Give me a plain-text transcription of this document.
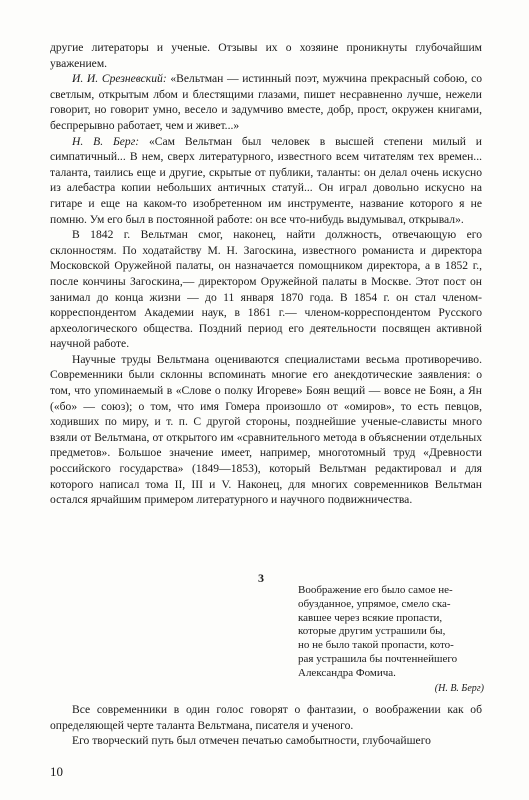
другие литераторы и ученые. Отзывы их о хозяине проникнуты глубочайшим уважением.

И. И. Срезневский: «Вельтман — истинный поэт, мужчина прекрасный собою, со светлым, открытым лбом и блестящими глазами, пишет несравненно лучше, нежели говорит, но говорит умно, весело и задумчиво вместе, добр, прост, окружен книгами, беспрерывно работает, чем и живет...»

Н. В. Берг: «Сам Вельтман был человек в высшей степени милый и симпатичный... В нем, сверх литературного, известного всем читателям тех времен... таланта, таились еще и другие, скрытые от публики, таланты: он делал очень искусно из алебастра копии небольших античных статуй... Он играл довольно искусно на гитаре и еще на каком-то изобретенном им инструменте, название которого я не помню. Ум его был в постоянной работе: он все что-нибудь выдумывал, открывал».

В 1842 г. Вельтман смог, наконец, найти должность, отвечающую его склонностям. По ходатайству М. Н. Загоскина, известного романиста и директора Московской Оружейной палаты, он назначается помощником директора, а в 1852 г., после кончины Загоскина,— директором Оружейной палаты в Москве. Этот пост он занимал до конца жизни — до 11 января 1870 года. В 1854 г. он стал членом-корреспондентом Академии наук, в 1861 г.— членом-корреспондентом Русского археологического общества. Поздний период его деятельности посвящен активной научной работе.

Научные труды Вельтмана оцениваются специалистами весьма противоречиво. Современники были склонны вспоминать многие его анекдотические заявления: о том, что упоминаемый в «Слове о полку Игореве» Боян вещий — вовсе не Боян, а Ян («бо» — союз); о том, что имя Гомера произошло от «омиров», то есть певцов, ходивших по миру, и т. п. С другой стороны, позднейшие ученые-слависты много взяли от Вельтмана, от открытого им «сравнительного метода в объяснении отдельных предметов». Большое значение имеет, например, многотомный труд «Древности российского государства» (1849—1853), который Вельтман редактировал и для которого написал тома II, III и V. Наконец, для многих современников Вельтман остался ярчайшим примером литературного и научного подвижничества.

3
Воображение его было самое не-
обузданное, упрямое, смело ска-
кавшее через всякие пропасти,
которые другим устрашили бы,
но не было такой пропасти, кото-
рая устрашила бы почтеннейшего
Александра Фомича.
(Н. В. Берг)

Все современники в один голос говорят о фантазии, о воображении как об определяющей черте таланта Вельтмана, писателя и ученого.

Его творческий путь был отмечен печатью самобытности, глубочайшего

10
